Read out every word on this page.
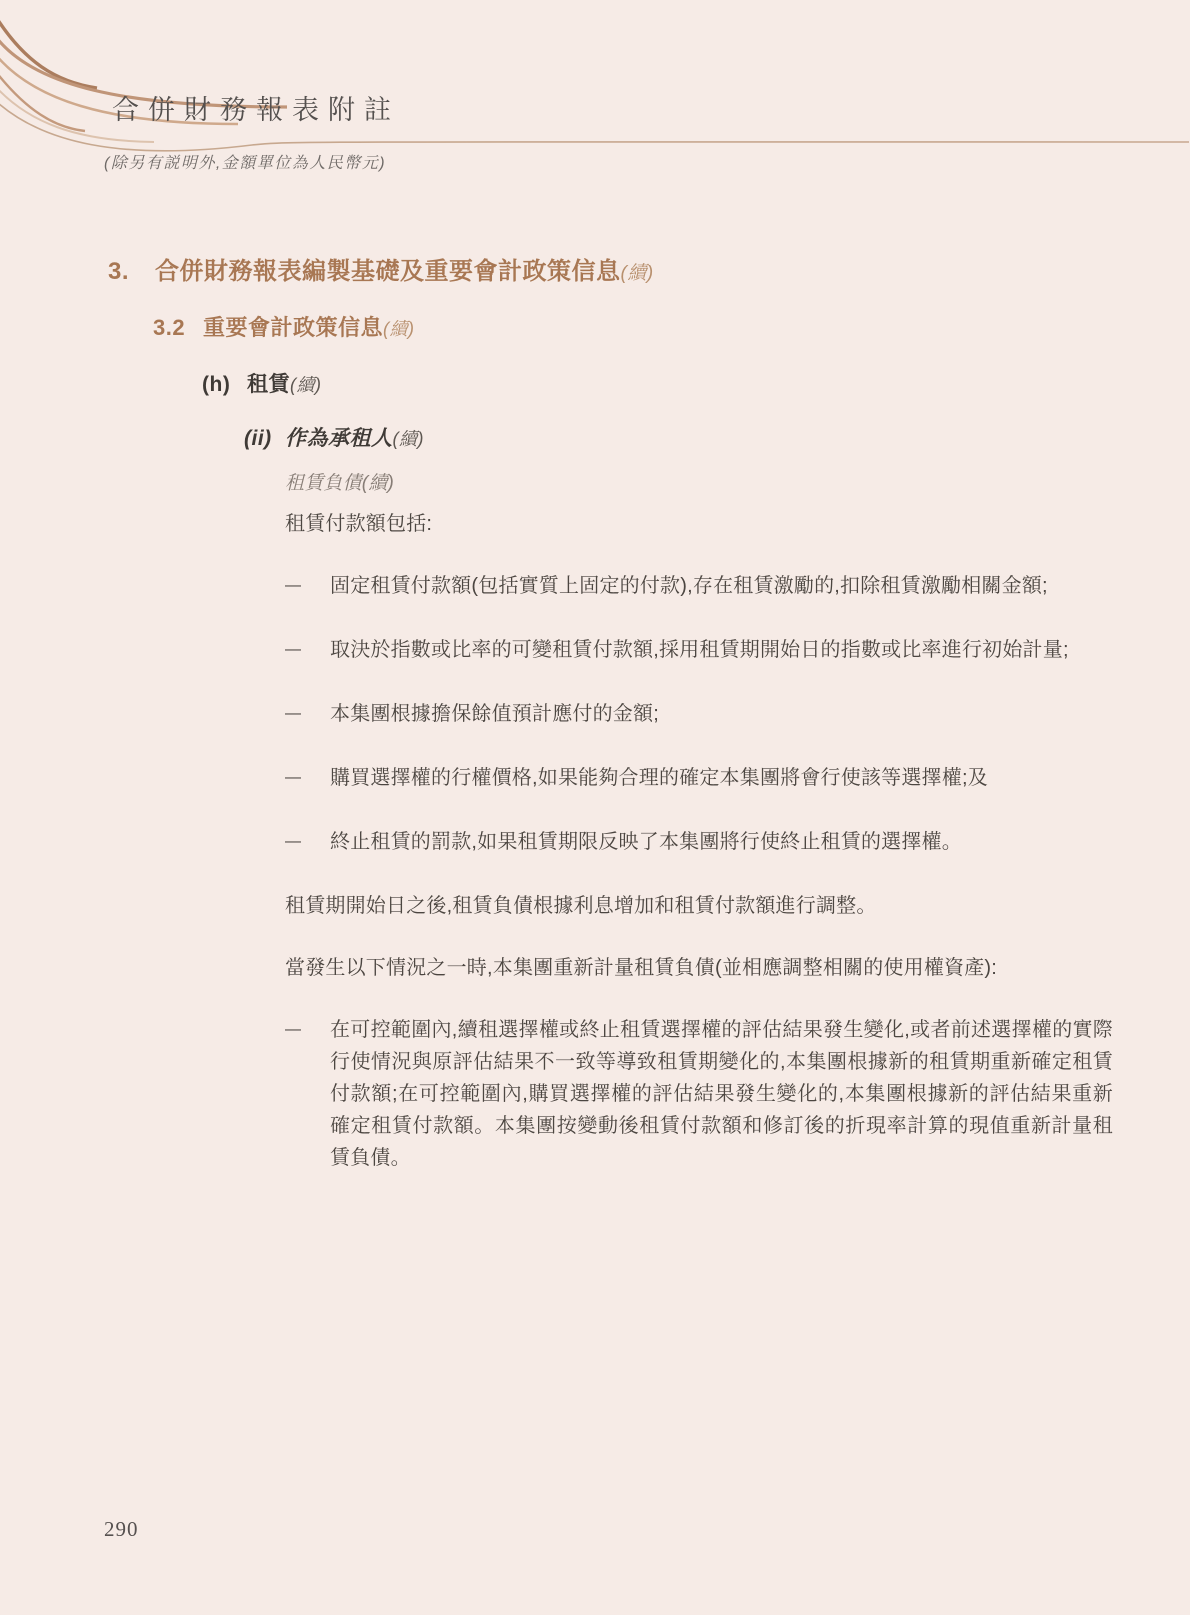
合併財務報表附註
(除另有説明外,金額單位為人民幣元)
3.	合併財務報表編製基礎及重要會計政策信息(續)
3.2 重要會計政策信息(續)
(h) 租賃(續)
(ii) 作為承租人(續)
租賃負債(續)
租賃付款額包括:
—	固定租賃付款額(包括實質上固定的付款),存在租賃激勵的,扣除租賃激勵相關金額;
—	取決於指數或比率的可變租賃付款額,採用租賃期開始日的指數或比率進行初始計量;
—	本集團根據擔保餘值預計應付的金額;
—	購買選擇權的行權價格,如果能夠合理的確定本集團將會行使該等選擇權;及
—	終止租賃的罰款,如果租賃期限反映了本集團將行使終止租賃的選擇權。
租賃期開始日之後,租賃負債根據利息增加和租賃付款額進行調整。
當發生以下情況之一時,本集團重新計量租賃負債(並相應調整相關的使用權資產):
—	在可控範圍內,續租選擇權或終止租賃選擇權的評估結果發生變化,或者前述選擇權的實際行使情況與原評估結果不一致等導致租賃期變化的,本集團根據新的租賃期重新確定租賃付款額;在可控範圍內,購買選擇權的評估結果發生變化的,本集團根據新的評估結果重新確定租賃付款額。本集團按變動後租賃付款額和修訂後的折現率計算的現值重新計量租賃負債。
290
